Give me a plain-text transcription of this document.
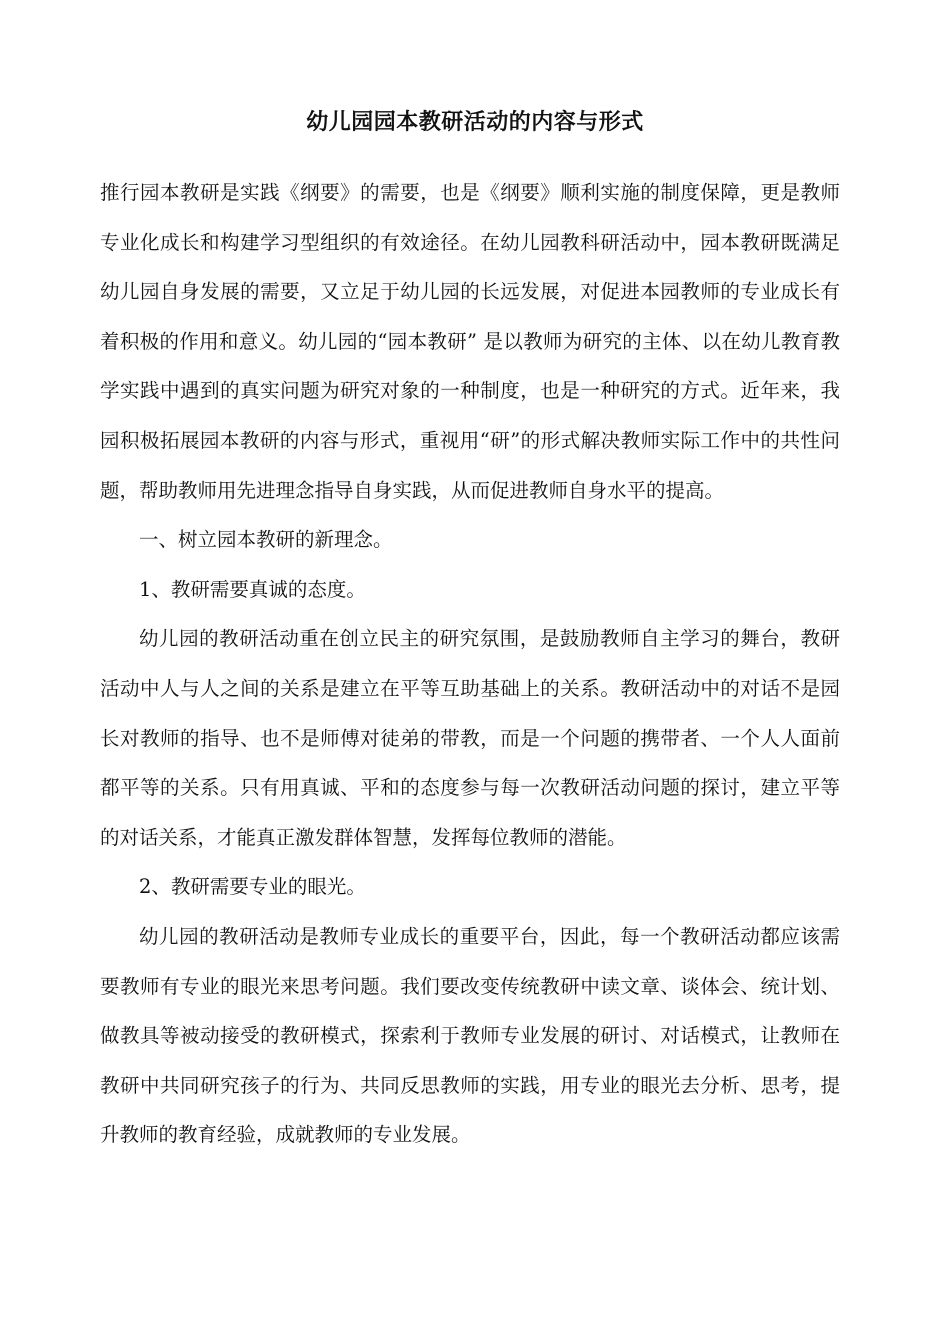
幼儿园园本教研活动的内容与形式

推行园本教研是实践《纲要》的需要，也是《纲要》顺利实施的制度保障，更是教师专业化成长和构建学习型组织的有效途径。在幼儿园教科研活动中，园本教研既满足幼儿园自身发展的需要，又立足于幼儿园的长远发展，对促进本园教师的专业成长有着积极的作用和意义。幼儿园的“园本教研” 是以教师为研究的主体、以在幼儿教育教学实践中遇到的真实问题为研究对象的一种制度，也是一种研究的方式。近年来，我园积极拓展园本教研的内容与形式，重视用“研”的形式解决教师实际工作中的共性问题，帮助教师用先进理念指导自身实践，从而促进教师自身水平的提高。

一、树立园本教研的新理念。

1、教研需要真诚的态度。

幼儿园的教研活动重在创立民主的研究氛围，是鼓励教师自主学习的舞台，教研活动中人与人之间的关系是建立在平等互助基础上的关系。教研活动中的对话不是园长对教师的指导、也不是师傅对徒弟的带教，而是一个问题的携带者、一个人人面前都平等的关系。只有用真诚、平和的态度参与每一次教研活动问题的探讨，建立平等的对话关系，才能真正激发群体智慧，发挥每位教师的潜能。

2、教研需要专业的眼光。

幼儿园的教研活动是教师专业成长的重要平台，因此，每一个教研活动都应该需要教师有专业的眼光来思考问题。我们要改变传统教研中读文章、谈体会、统计划、做教具等被动接受的教研模式，探索利于教师专业发展的研讨、对话模式，让教师在教研中共同研究孩子的行为、共同反思教师的实践，用专业的眼光去分析、思考，提升教师的教育经验，成就教师的专业发展。
